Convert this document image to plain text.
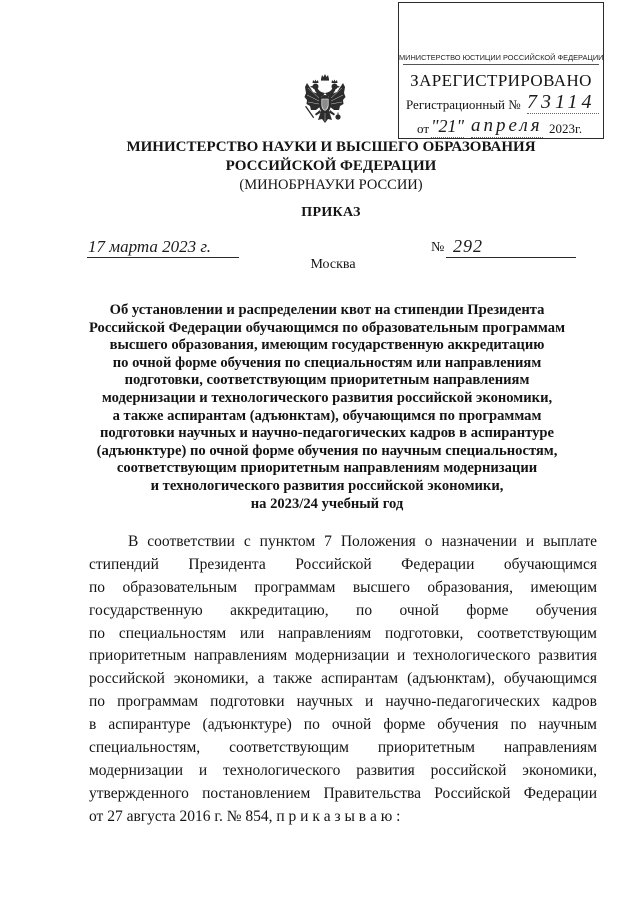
МИНИСТЕРСТВО НАУКИ И ВЫСШЕГО ОБРАЗОВАНИЯ
РОССИЙСКОЙ ФЕДЕРАЦИИ
(МИНОБРНАУКИ РОССИИ)
МИНИСТЕРСТВО ЮСТИЦИИ РОССИЙСКОЙ ФЕДЕРАЦИИ
ЗАРЕГИСТРИРОВАНО
Регистрационный № 73114
от "21" апреля 2023г.
ПРИКАЗ
17 марта 2023 г.	№ 292
Москва
Об установлении и распределении квот на стипендии Президента
Российской Федерации обучающимся по образовательным программам
высшего образования, имеющим государственную аккредитацию
по очной форме обучения по специальностям или направлениям
подготовки, соответствующим приоритетным направлениям
модернизации и технологического развития российской экономики,
а также аспирантам (адъюнктам), обучающимся по программам
подготовки научных и научно-педагогических кадров в аспирантуре
(адъюнктуре) по очной форме обучения по научным специальностям,
соответствующим приоритетным направлениям модернизации
и технологического развития российской экономики,
на 2023/24 учебный год
В соответствии с пунктом 7 Положения о назначении и выплате
стипендий Президента Российской Федерации обучающимся
по образовательным программам высшего образования, имеющим
государственную аккредитацию, по очной форме обучения
по специальностям или направлениям подготовки, соответствующим
приоритетным направлениям модернизации и технологического развития
российской экономики, а также аспирантам (адъюнктам), обучающимся
по программам подготовки научных и научно-педагогических кадров
в аспирантуре (адъюнктуре) по очной форме обучения по научным
специальностям, соответствующим приоритетным направлениям
модернизации и технологического развития российской экономики,
утвержденного постановлением Правительства Российской Федерации
от 27 августа 2016 г. № 854, п р и к а з ы в а ю :
